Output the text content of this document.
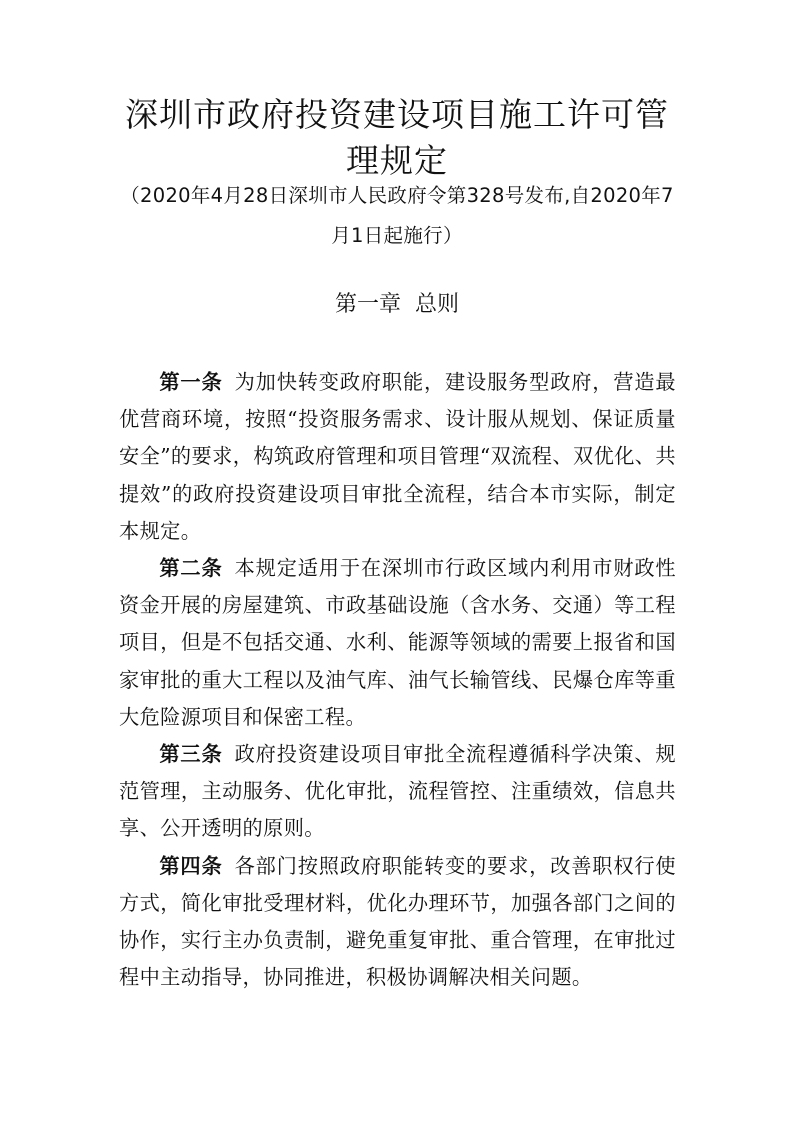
深圳市政府投资建设项目施工许可管理规定
（2020年4月28日深圳市人民政府令第328号发布,自2020年7月1日起施行）
第一章  总则

第一条 为加快转变政府职能，建设服务型政府，营造最优营商环境，按照“投资服务需求、设计服从规划、保证质量安全”的要求，构筑政府管理和项目管理“双流程、双优化、共提效”的政府投资建设项目审批全流程，结合本市实际，制定本规定。

第二条 本规定适用于在深圳市行政区域内利用市财政性资金开展的房屋建筑、市政基础设施（含水务、交通）等工程项目，但是不包括交通、水利、能源等领域的需要上报省和国家审批的重大工程以及油气库、油气长输管线、民爆仓库等重大危险源项目和保密工程。

第三条 政府投资建设项目审批全流程遵循科学决策、规范管理，主动服务、优化审批，流程管控、注重绩效，信息共享、公开透明的原则。

第四条 各部门按照政府职能转变的要求，改善职权行使方式，简化审批受理材料，优化办理环节，加强各部门之间的协作，实行主办负责制，避免重复审批、重合管理，在审批过程中主动指导，协同推进，积极协调解决相关问题。
